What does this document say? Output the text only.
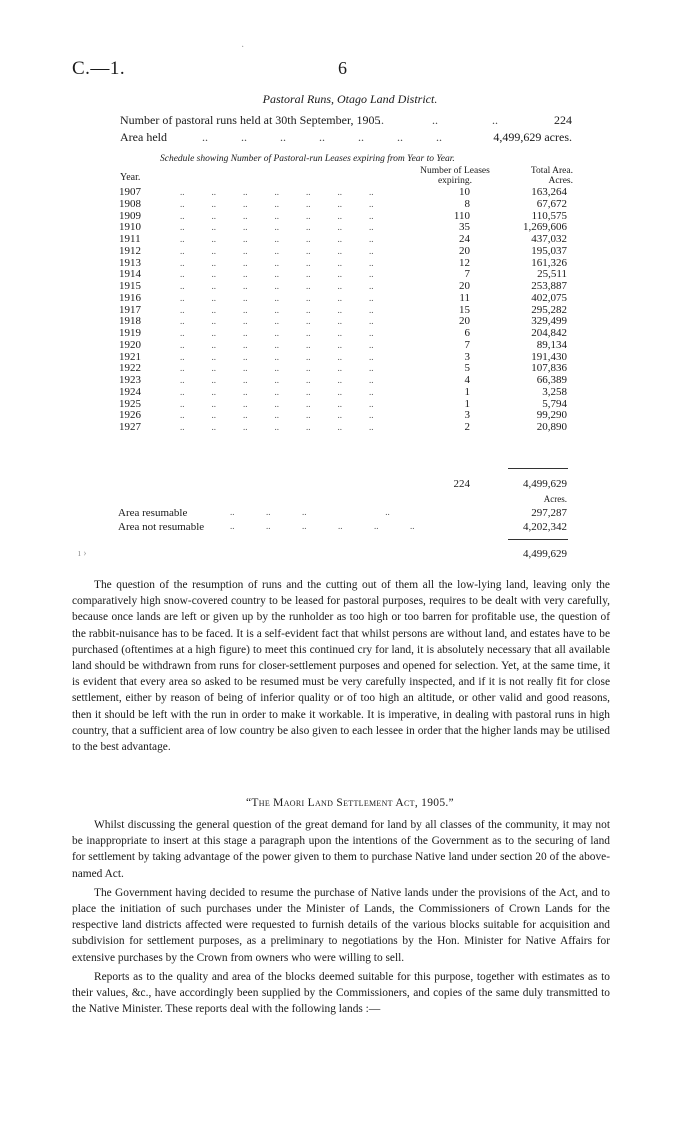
C.—1.	6
·
Pastoral Runs, Otago Land District.
Number of pastoral runs held at 30th September, 1905
..                ..                  ..	224
Area held	..           ..           ..           ..           ..           ..           ..	4,499,629 acres.
Schedule showing Number of Pastoral-run Leases expiring from Year to Year.
Year.
Number of Leases expiring.
Total Area.
Acres.
1907	..            ..            ..            ..            ..            ..            ..	10	163,264
1908	..            ..            ..            ..            ..            ..            ..	8	67,672
1909	..            ..            ..            ..            ..            ..            ..	110	110,575
1910	..            ..            ..            ..            ..            ..            ..	35	1,269,606
1911	..            ..            ..            ..            ..            ..            ..	24	437,032
1912	..            ..            ..            ..            ..            ..            ..	20	195,037
1913	..            ..            ..            ..            ..            ..            ..	12	161,326
1914	..            ..            ..            ..            ..            ..            ..	7	25,511
1915	..            ..            ..            ..            ..            ..            ..	20	253,887
1916	..            ..            ..            ..            ..            ..            ..	11	402,075
1917	..            ..            ..            ..            ..            ..            ..	15	295,282
1918	..            ..            ..            ..            ..            ..            ..	20	329,499
1919	..            ..            ..            ..            ..            ..            ..	6	204,842
1920	..            ..            ..            ..            ..            ..            ..	7	89,134
1921	..            ..            ..            ..            ..            ..            ..	3	191,430
1922	..            ..            ..            ..            ..            ..            ..	5	107,836
1923	..            ..            ..            ..            ..            ..            ..	4	66,389
1924	..            ..            ..            ..            ..            ..            ..	1	3,258
1925	..            ..            ..            ..            ..            ..            ..	1	5,794
1926	..            ..            ..            ..            ..            ..            ..	3	99,290
1927	..            ..            ..            ..            ..            ..            ..	2	20,890
224	4,499,629
Acres.
Area resumable	..              ..              ..                                   ..	297,287
Area not resumable	..              ..              ..              ..              ..              ..	4,202,342
ı ›	4,499,629

The question of the resumption of runs and the cutting out of them all the low-lying land, leaving only the comparatively high snow-covered country to be leased for pastoral purposes, requires to be dealt with very carefully, because once lands are left or given up by the runholder as too high or too barren for profitable use, the question of the rabbit-nuisance has to be faced. It is a self-evident fact that whilst persons are without land, and estates have to be purchased (oftentimes at a high figure) to meet this continued cry for land, it is absolutely necessary that all available land should be withdrawn from runs for closer-settlement purposes and opened for selection. Yet, at the same time, it is evident that every area so asked to be resumed must be very carefully inspected, and if it is not really fit for close settlement, either by reason of being of inferior quality or of too high an altitude, or other valid and good reasons, then it should be left with the run in order to make it workable. It is imperative, in dealing with pastoral runs in high country, that a sufficient area of low country be also given to each lessee in order that the higher lands may be utilised to the best advantage.

“The Maori Land Settlement Act, 1905.”

Whilst discussing the general question of the great demand for land by all classes of the community, it may not be inappropriate to insert at this stage a paragraph upon the intentions of the Government as to the securing of land for settlement by taking advantage of the power given to them to purchase Native land under section 20 of the above-named Act.

The Government having decided to resume the purchase of Native lands under the provisions of the Act, and to place the initiation of such purchases under the Minister of Lands, the Commissioners of Crown Lands for the respective land districts affected were requested to furnish details of the various blocks suitable for acquisition and subdivision for settlement purposes, as a preliminary to negotiations by the Hon. Minister for Native Affairs for extensive purchases by the Crown from owners who were willing to sell.

Reports as to the quality and area of the blocks deemed suitable for this purpose, together with estimates as to their values, &c., have accordingly been supplied by the Commissioners, and copies of the same duly transmitted to the Native Minister. These reports deal with the following lands :—
